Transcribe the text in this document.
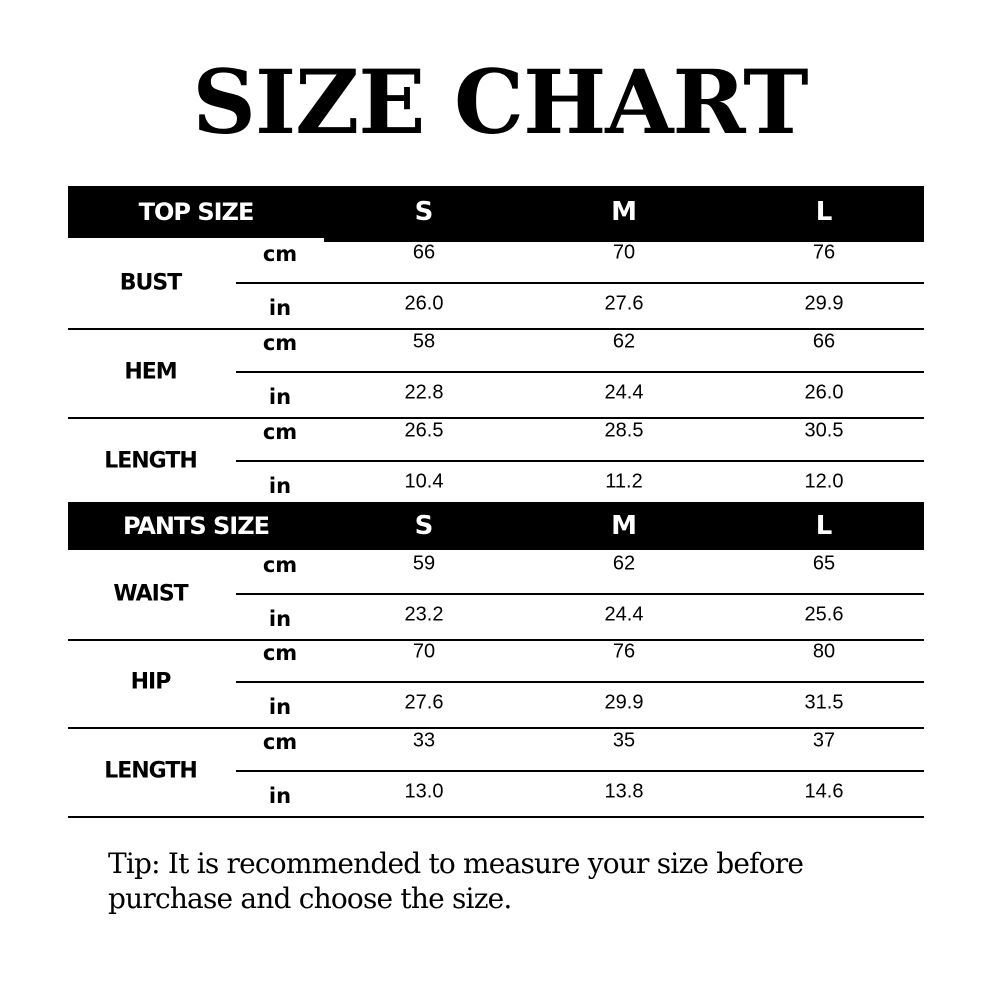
SIZE CHART
TOP SIZE	S	M	L
BUST
cm	66	70	76
in	26.0	27.6	29.9
HEM
cm	58	62	66
in	22.8	24.4	26.0
LENGTH
cm	26.5	28.5	30.5
in	10.4	11.2	12.0
PANTS SIZE	S	M	L
WAIST
cm	59	62	65
in	23.2	24.4	25.6
HIP
cm	70	76	80
in	27.6	29.9	31.5
LENGTH
cm	33	35	37
in	13.0	13.8	14.6
Tip: It is recommended to measure your size before purchase and choose the size.
